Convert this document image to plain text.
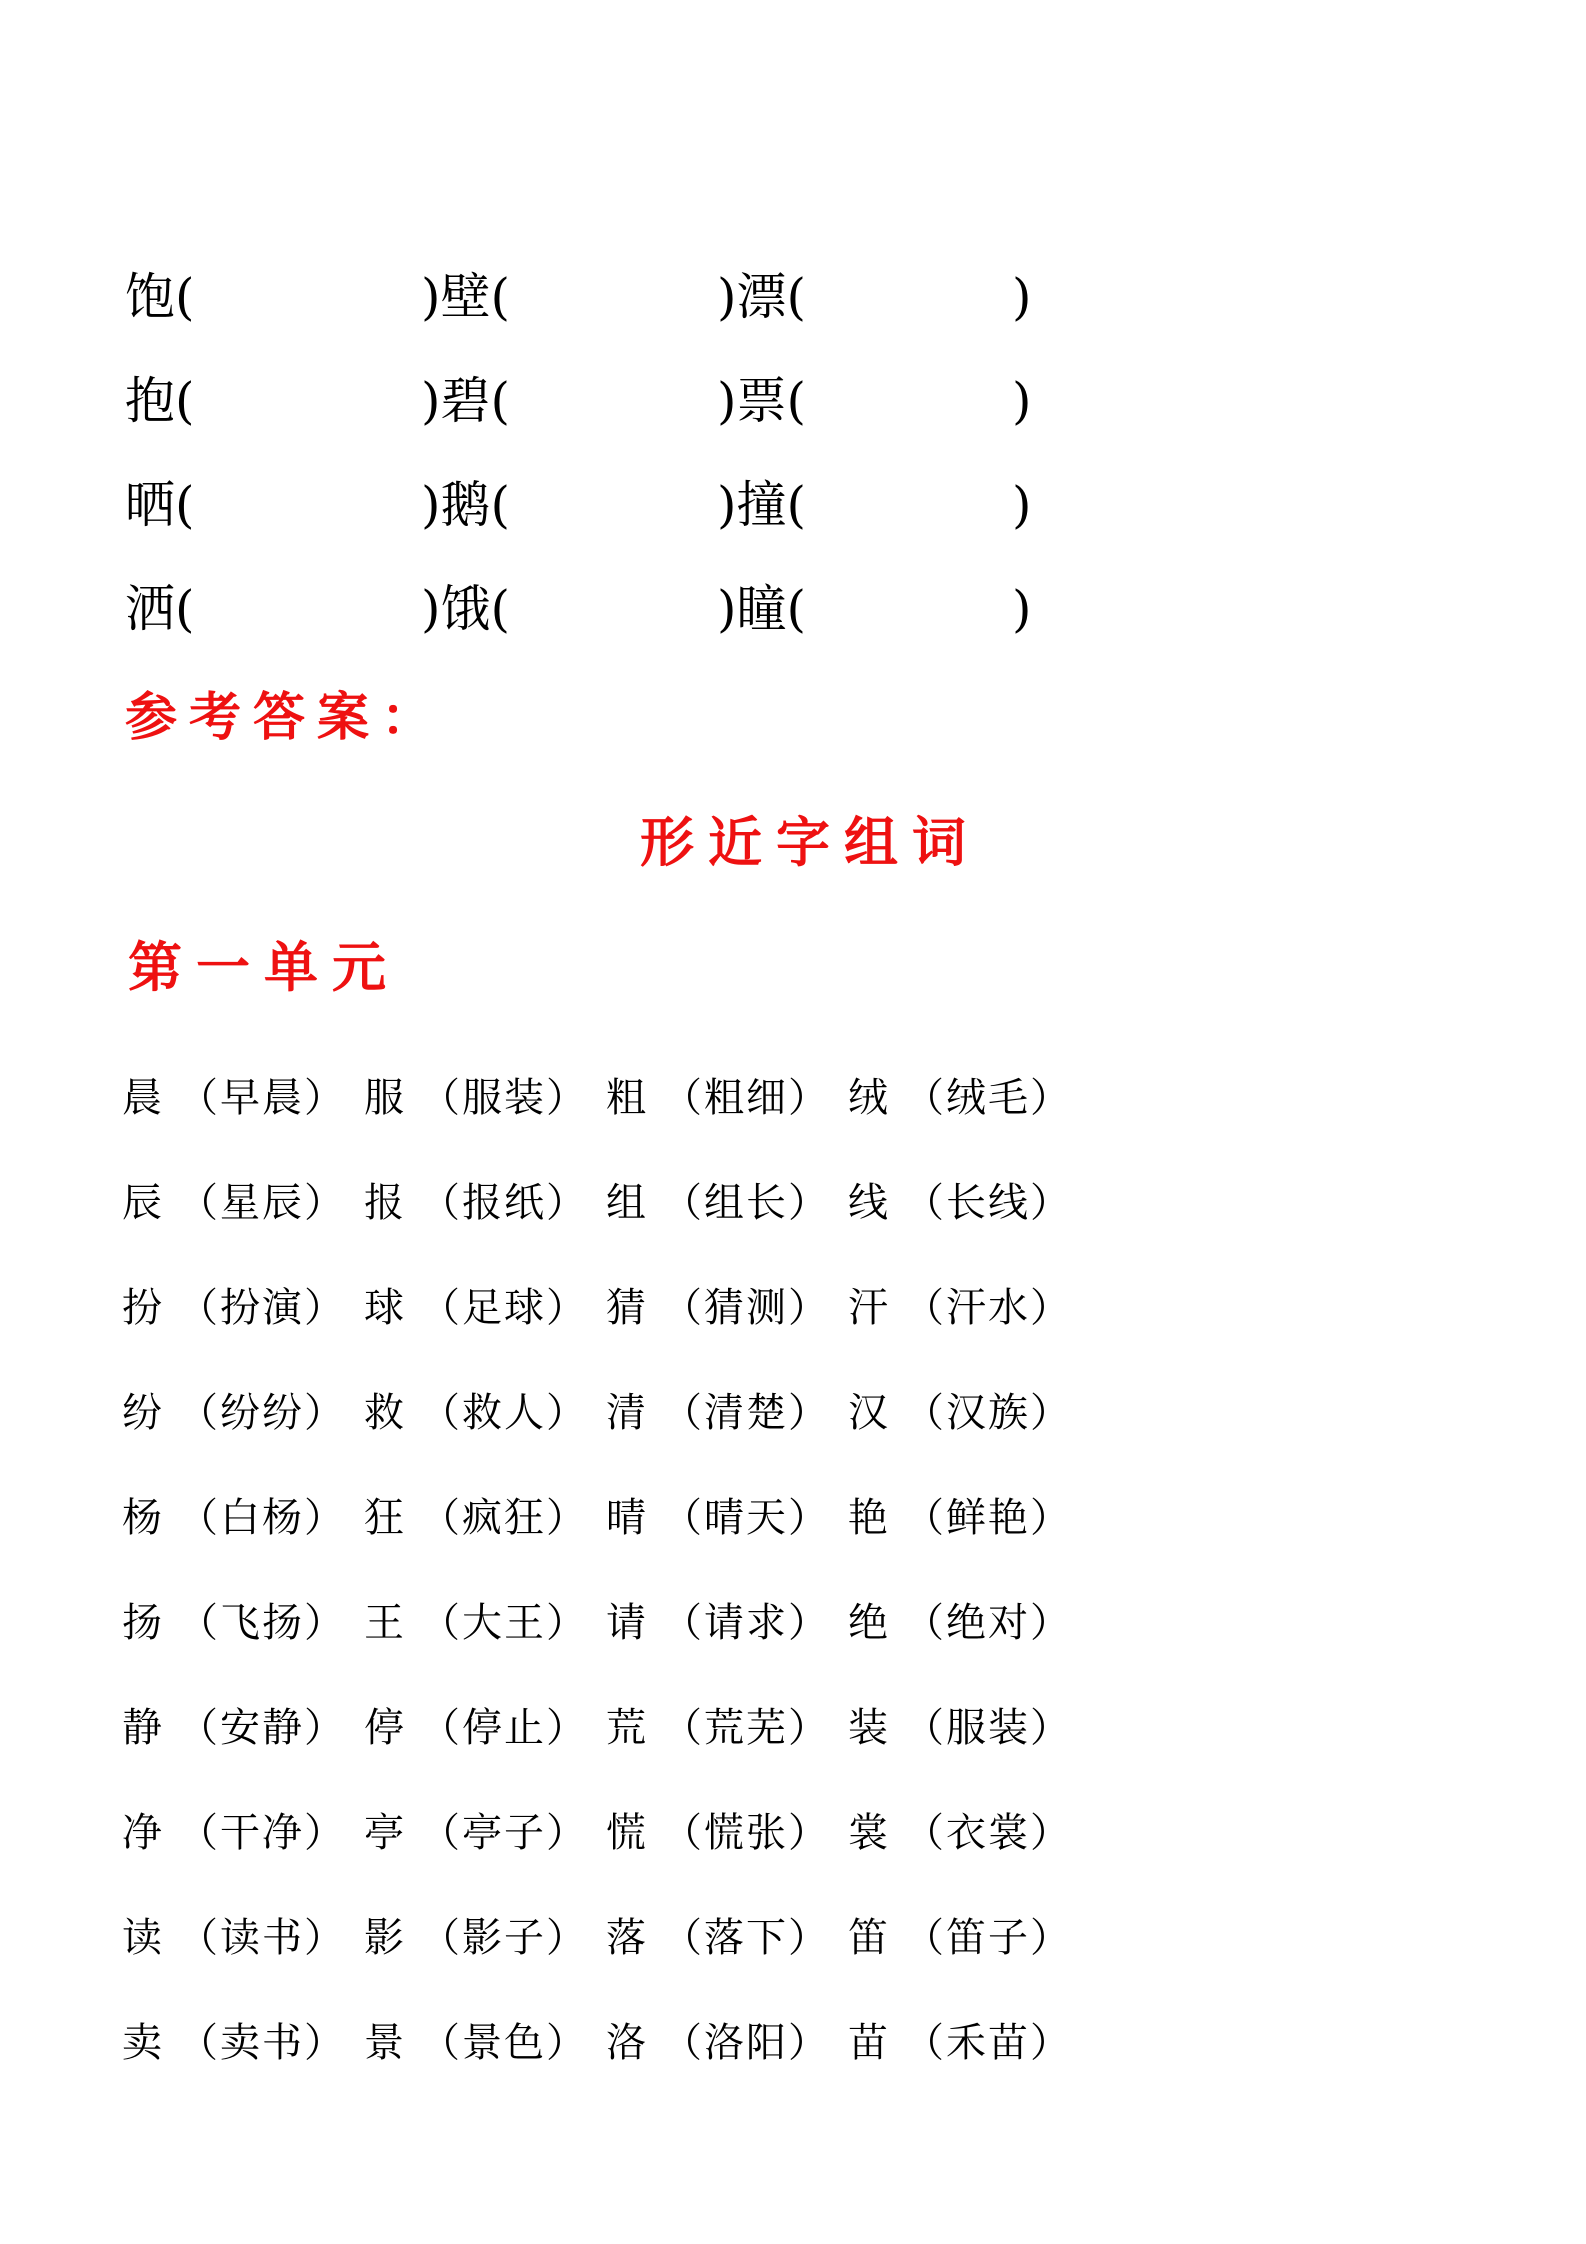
饱 (	) 壁 (	) 漂 (	)
抱 (	) 碧 (	) 票 (	)
晒 (	) 鹅 (	) 撞 (	)
洒 (	) 饿 (	) 瞳 (	)
参考答案：
形近字组词
第一单元
晨 （早晨） 服 （服装） 粗 （粗细） 绒 （绒毛）
辰 （星辰） 报 （报纸） 组 （组长） 线 （长线）
扮 （扮演） 球 （足球） 猜 （猜测） 汗 （汗水）
纷 （纷纷） 救 （救人） 清 （清楚） 汉 （汉族）
杨 （白杨） 狂 （疯狂） 晴 （晴天） 艳 （鲜艳）
扬 （飞扬） 王 （大王） 请 （请求） 绝 （绝对）
静 （安静） 停 （停止） 荒 （荒芜） 装 （服装）
净 （干净） 亭 （亭子） 慌 （慌张） 裳 （衣裳）
读 （读书） 影 （影子） 落 （落下） 笛 （笛子）
卖 （卖书） 景 （景色） 洛 （洛阳） 苗 （禾苗）
